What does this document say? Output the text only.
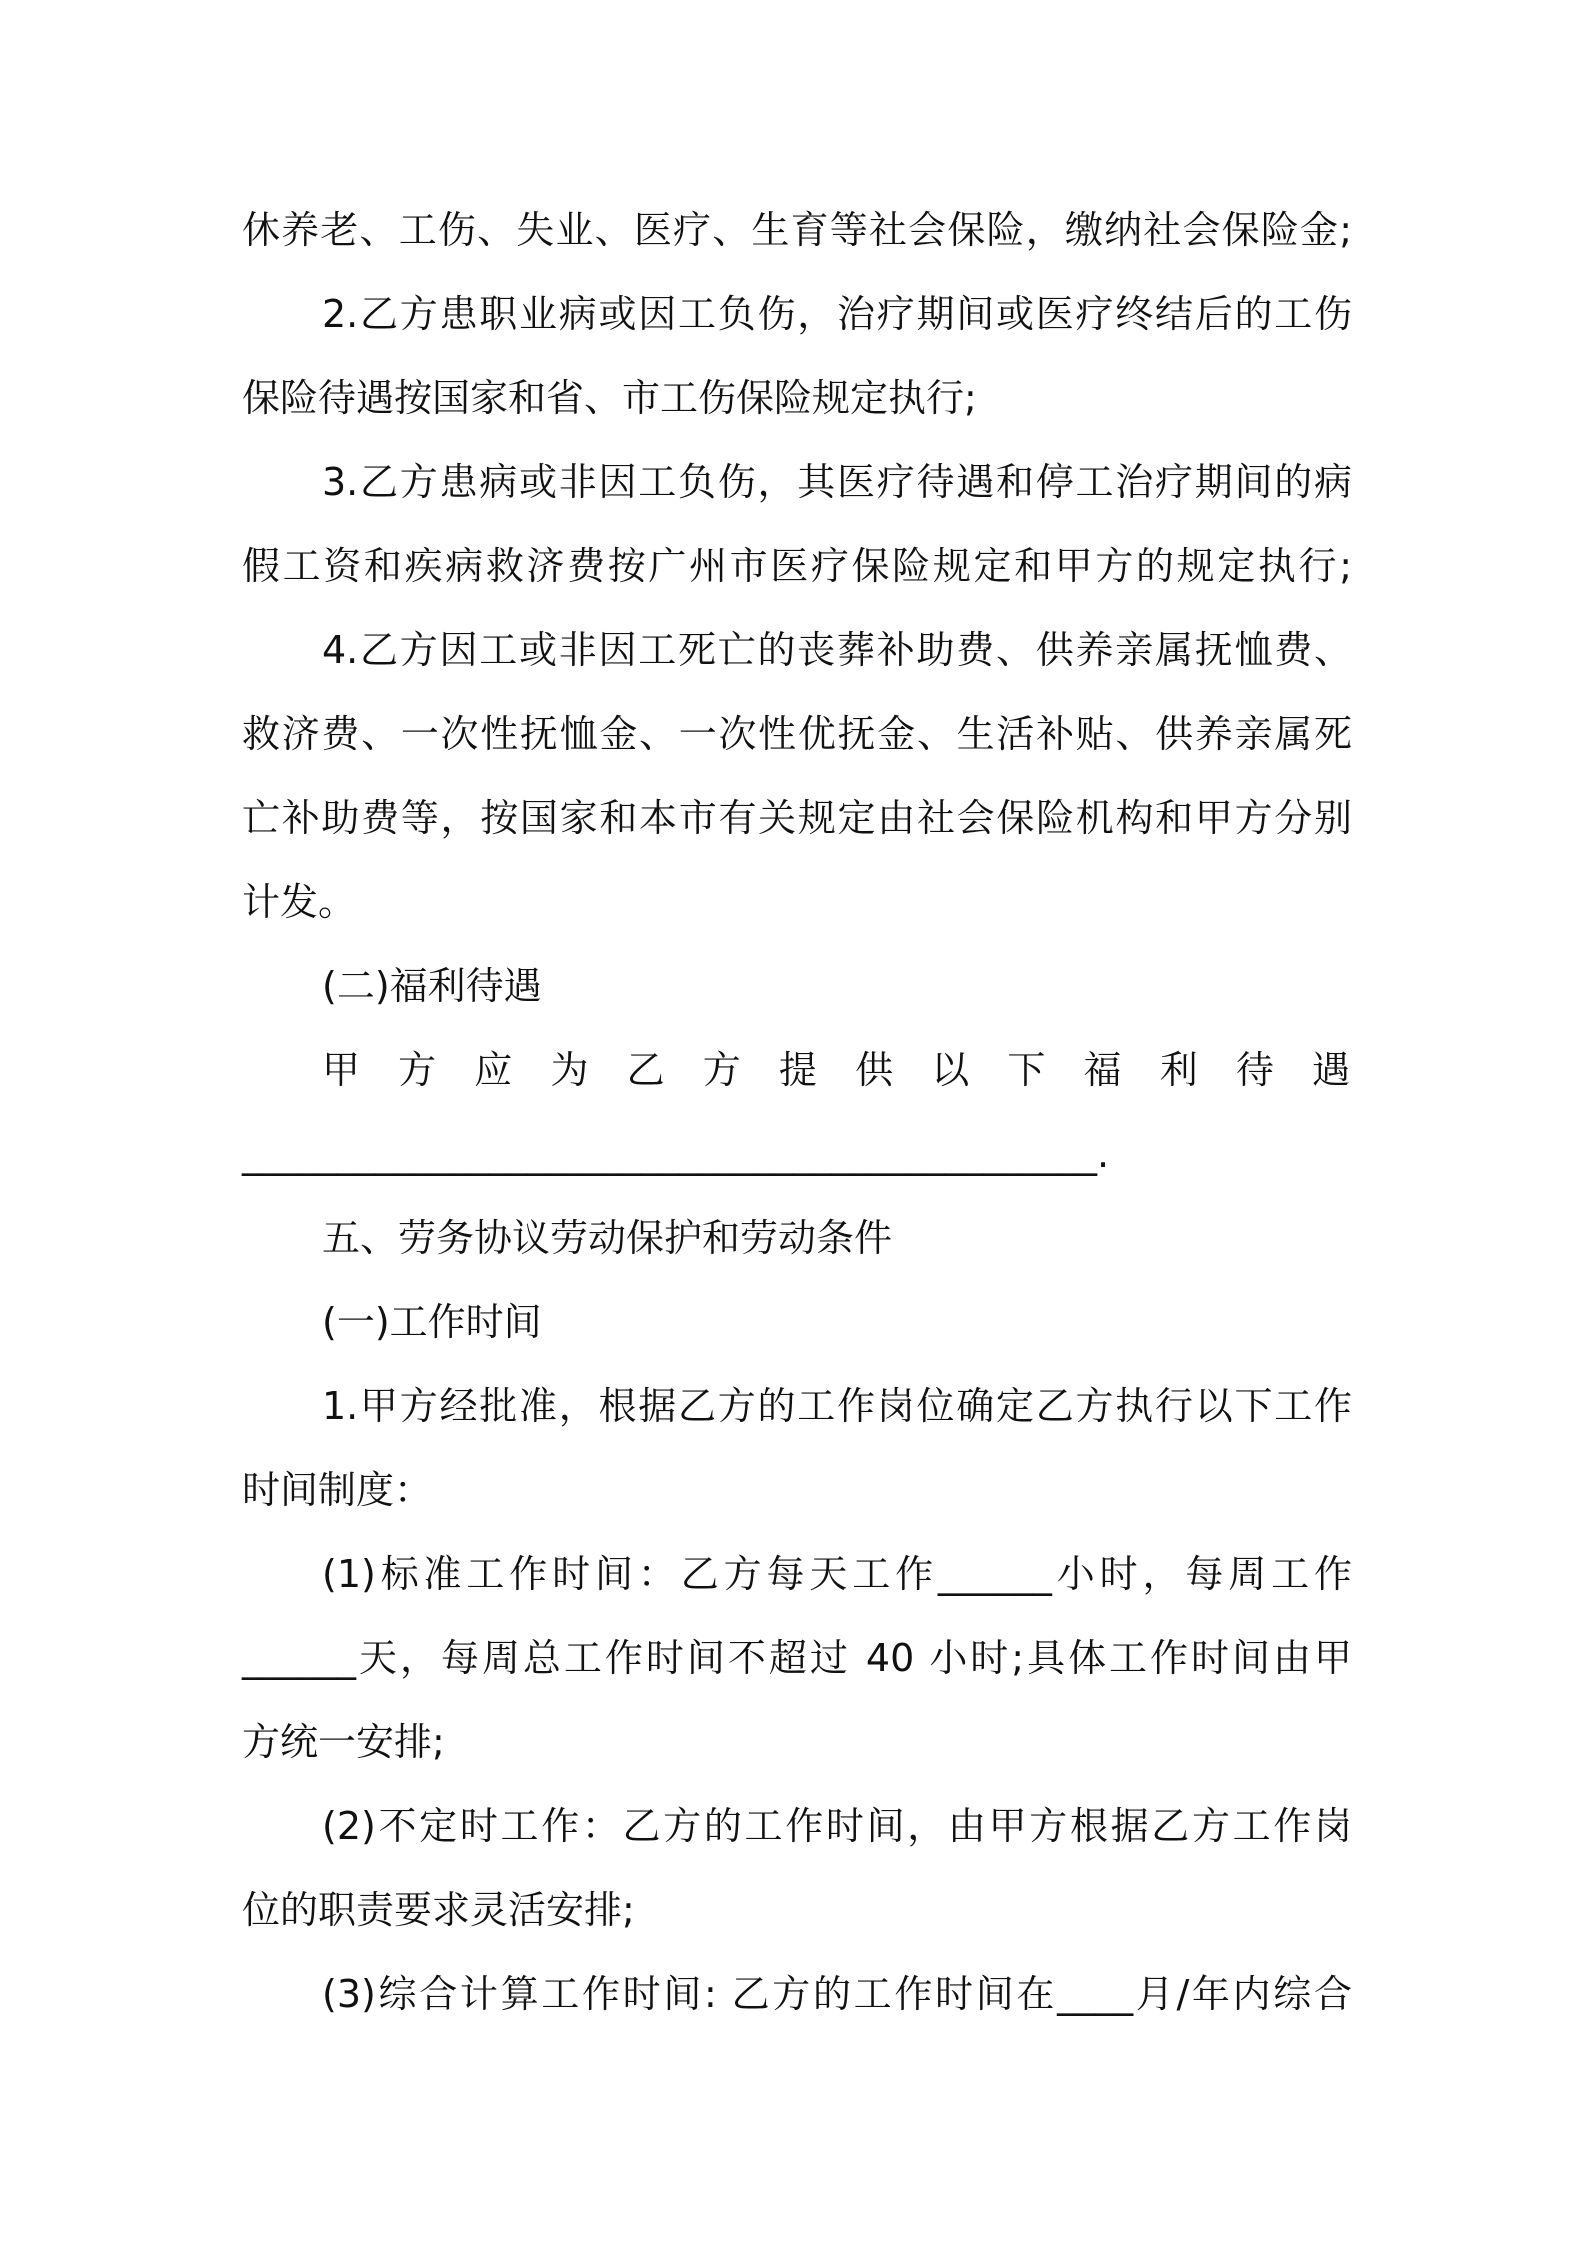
休养老、工伤、失业、医疗、生育等社会保险，缴纳社会保险金;
2.乙方患职业病或因工负伤，治疗期间或医疗终结后的工伤
保险待遇按国家和省、市工伤保险规定执行;
3.乙方患病或非因工负伤，其医疗待遇和停工治疗期间的病
假工资和疾病救济费按广州市医疗保险规定和甲方的规定执行;
4.乙方因工或非因工死亡的丧葬补助费、供养亲属抚恤费、
救济费、一次性抚恤金、一次性优抚金、生活补贴、供养亲属死
亡补助费等，按国家和本市有关规定由社会保险机构和甲方分别
计发。
(二)福利待遇
甲 方 应 为 乙 方 提 供 以 下 福 利 待 遇
_____________________________________________.
五、劳务协议劳动保护和劳动条件
(一)工作时间
1.甲方经批准，根据乙方的工作岗位确定乙方执行以下工作
时间制度：
(1)标准工作时间：乙方每天工作______小时，每周工作
______天，每周总工作时间不超过 40 小时;具体工作时间由甲
方统一安排;
(2)不定时工作：乙方的工作时间，由甲方根据乙方工作岗
位的职责要求灵活安排;
(3)综合计算工作时间: 乙方的工作时间在____月/年内综合
